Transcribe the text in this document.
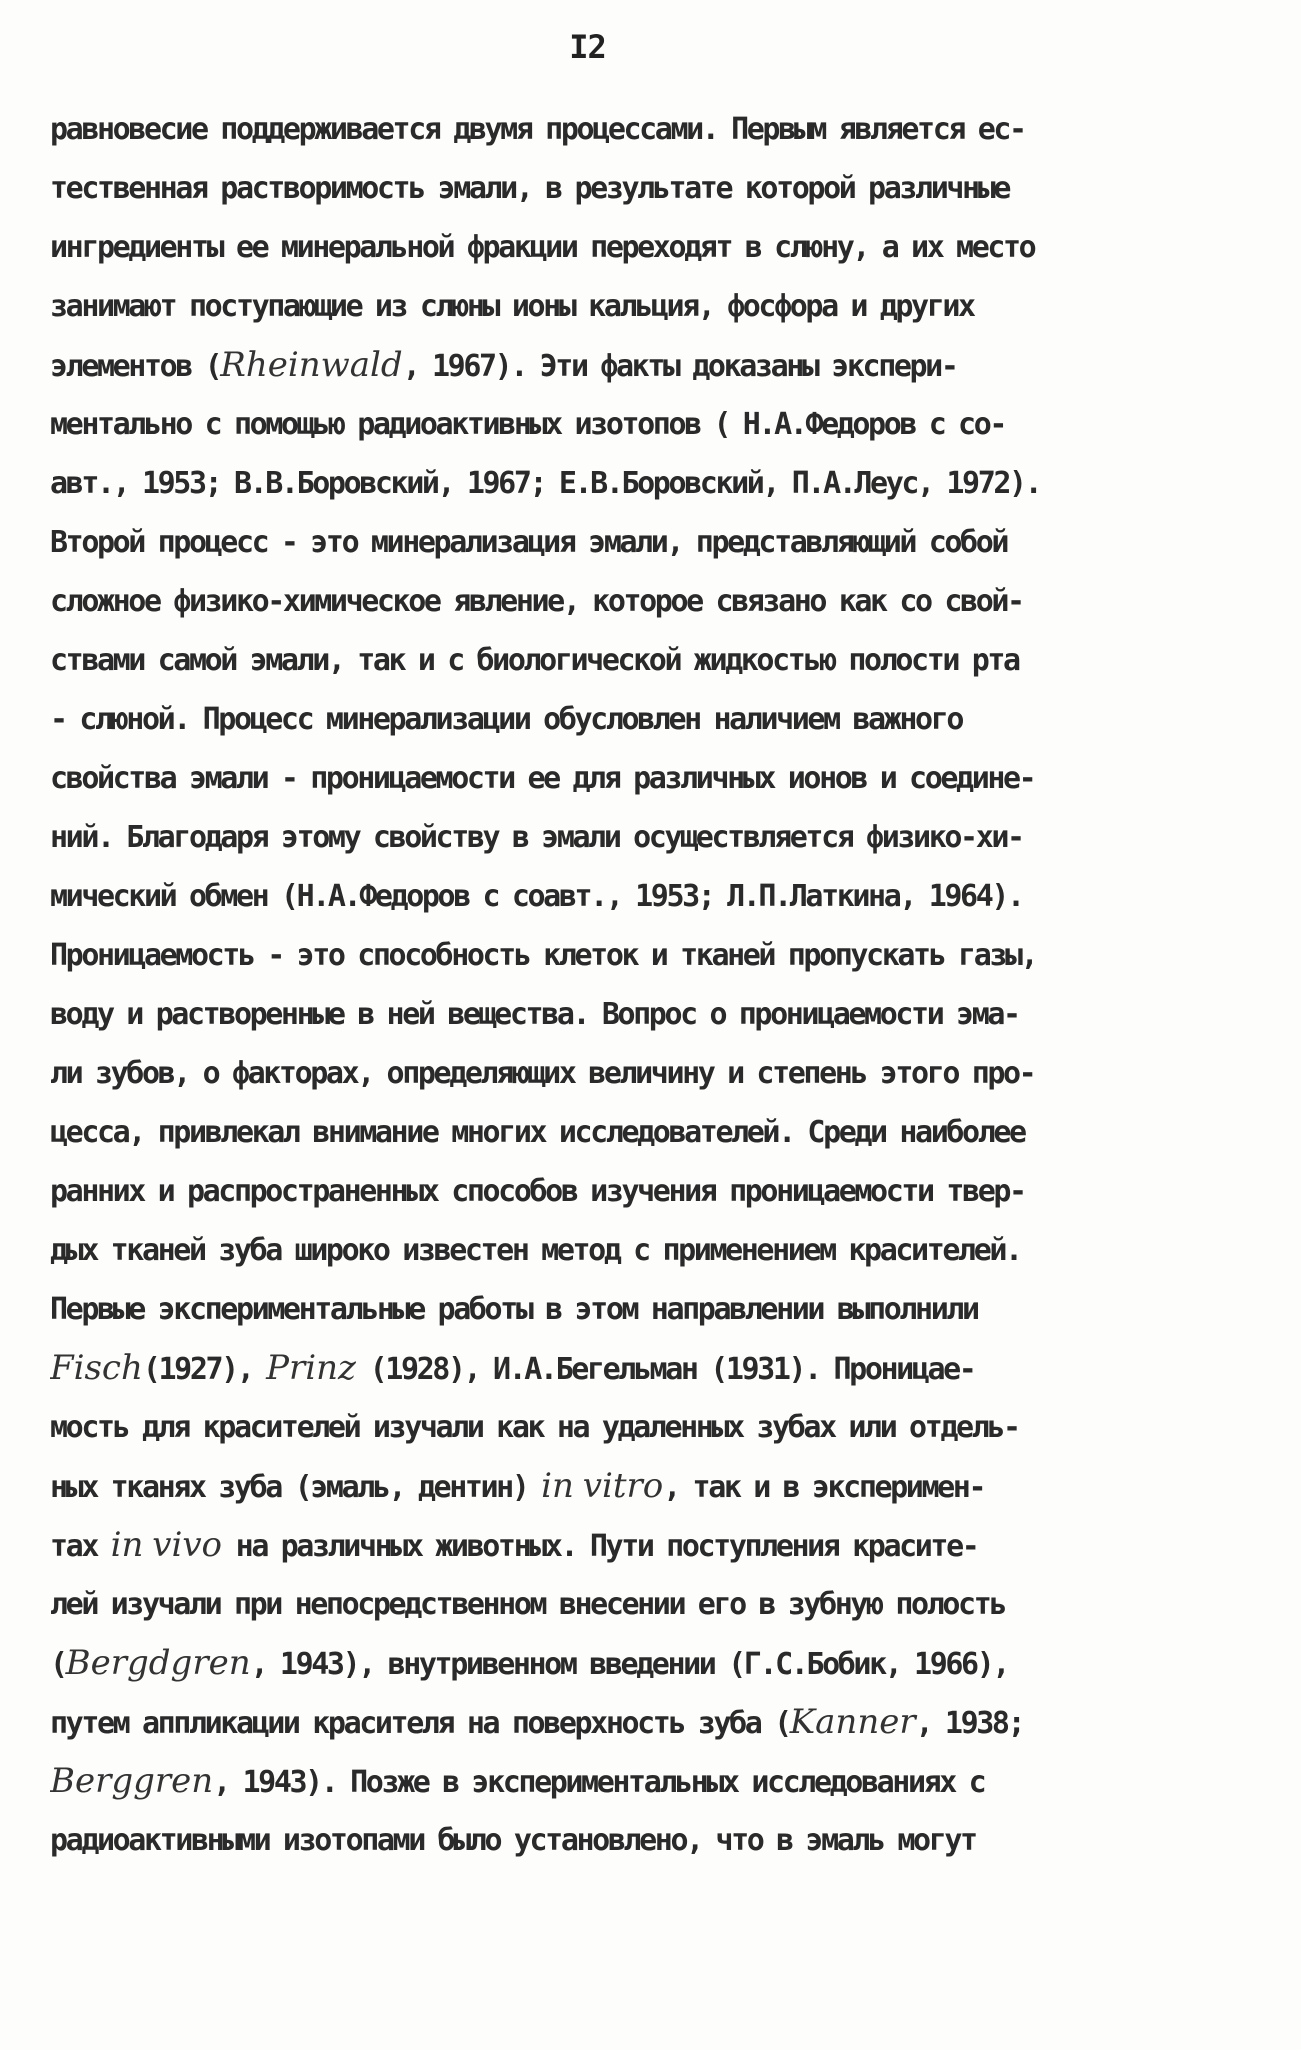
I2
равновесие поддерживается двумя процессами. Первым является ес-
тественная растворимость эмали, в результате которой различные
ингредиенты ее минеральной фракции переходят в слюну, а их место
занимают поступающие из слюны ионы кальция, фосфора и других
элементов (Rheinwald, 1967). Эти факты доказаны экспери-
ментально с помощью радиоактивных изотопов ( Н.А.Федоров с со-
авт., 1953; В.В.Боровский, 1967; Е.В.Боровский, П.А.Леус, 1972).
Второй процесс - это минерализация эмали, представляющий собой
сложное физико-химическое явление, которое связано как со свой-
ствами самой эмали, так и с биологической жидкостью полости рта
- слюной. Процесс минерализации обусловлен наличием важного
свойства эмали - проницаемости ее для различных ионов и соедине-
ний. Благодаря этому свойству в эмали осуществляется физико-хи-
мический обмен (Н.А.Федоров с соавт., 1953; Л.П.Латкина, 1964).
Проницаемость - это способность клеток и тканей пропускать газы,
воду и растворенные в ней вещества. Вопрос о проницаемости эма-
ли зубов, о факторах, определяющих величину и степень этого про-
цесса, привлекал внимание многих исследователей. Среди наиболее
ранних и распространенных способов изучения проницаемости твер-
дых тканей зуба широко известен метод с применением красителей.
Первые экспериментальные работы в этом направлении выполнили
Fisch(1927), Prinz (1928), И.А.Бегельман (1931). Проницае-
мость для красителей изучали как на удаленных зубах или отдель-
ных тканях зуба (эмаль, дентин) in vitro, так и в эксперимен-
тах in vivo на различных животных. Пути поступления красите-
лей изучали при непосредственном внесении его в зубную полость
(Bergdgren, 1943), внутривенном введении (Г.С.Бобик, 1966),
путем аппликации красителя на поверхность зуба (Kanner, 1938;
Berggren, 1943). Позже в экспериментальных исследованиях с
радиоактивными изотопами было установлено, что в эмаль могут
